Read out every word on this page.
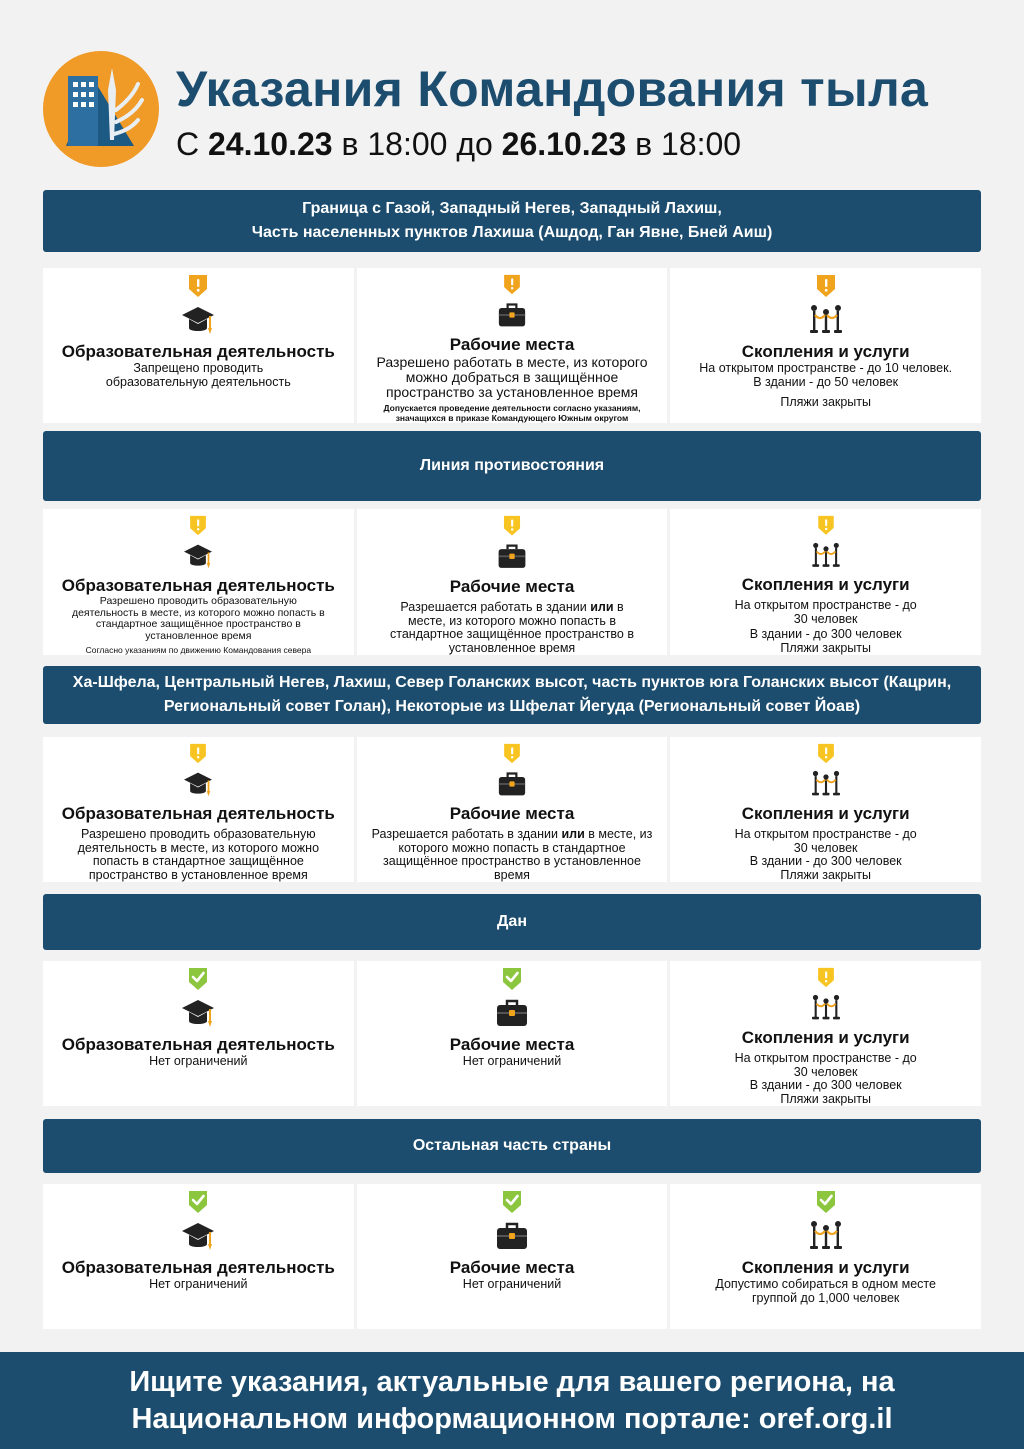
Указания Командования тыла
С 24.10.23 в 18:00 до 26.10.23 в 18:00
Граница с Газой, Западный Негев, Западный Лахиш,
Часть населенных пунктов Лахиша (Ашдод, Ган Явне, Бней Аиш)
Образовательная деятельность

Запрещено проводить образовательную деятельность

Рабочие места

Разрешено работать в месте, из которого можно добраться в защищённое пространство за установленное время

Допускается проведение деятельности согласно указаниям, значащихся в приказе Командующего Южным округом

Скопления и услуги

На открытом пространстве - до 10 человек.

В здании - до 50 человек

Пляжи закрыты

Линия противостояния
Образовательная деятельность

Разрешено проводить образовательную деятельность в месте, из которого можно попасть в стандартное защищённое пространство в установленное время

Согласно указаниям по движению Командования севера

Рабочие места

Разрешается работать в здании или в месте, из которого можно попасть в стандартное защищённое пространство в установленное время

Скопления и услуги

На открытом пространстве - до 30 человек

В здании - до 300 человек

Пляжи закрыты

Ха-Шфела, Центральный Негев, Лахиш, Север Голанских высот, часть пунктов юга Голанских высот (Кацрин,
Региональный совет Голан), Некоторые из Шфелат Йегуда (Региональный совет Йоав)
Образовательная деятельность

Разрешено проводить образовательную деятельность в месте, из которого можно попасть в стандартное защищённое пространство в установленное время

Рабочие места

Разрешается работать в здании или в месте, из которого можно попасть в стандартное защищённое пространство в установленное время

Скопления и услуги

На открытом пространстве - до 30 человек

В здании - до 300 человек

Пляжи закрыты

Дан
Образовательная деятельность

Нет ограничений

Рабочие места

Нет ограничений

Скопления и услуги

На открытом пространстве - до 30 человек

В здании - до 300 человек

Пляжи закрыты

Остальная часть страны
Образовательная деятельность

Нет ограничений

Рабочие места

Нет ограничений

Скопления и услуги

Допустимо собираться в одном месте группой до 1,000 человек

Ищите указания, актуальные для вашего региона, на
Национальном информационном портале: oref.org.il
